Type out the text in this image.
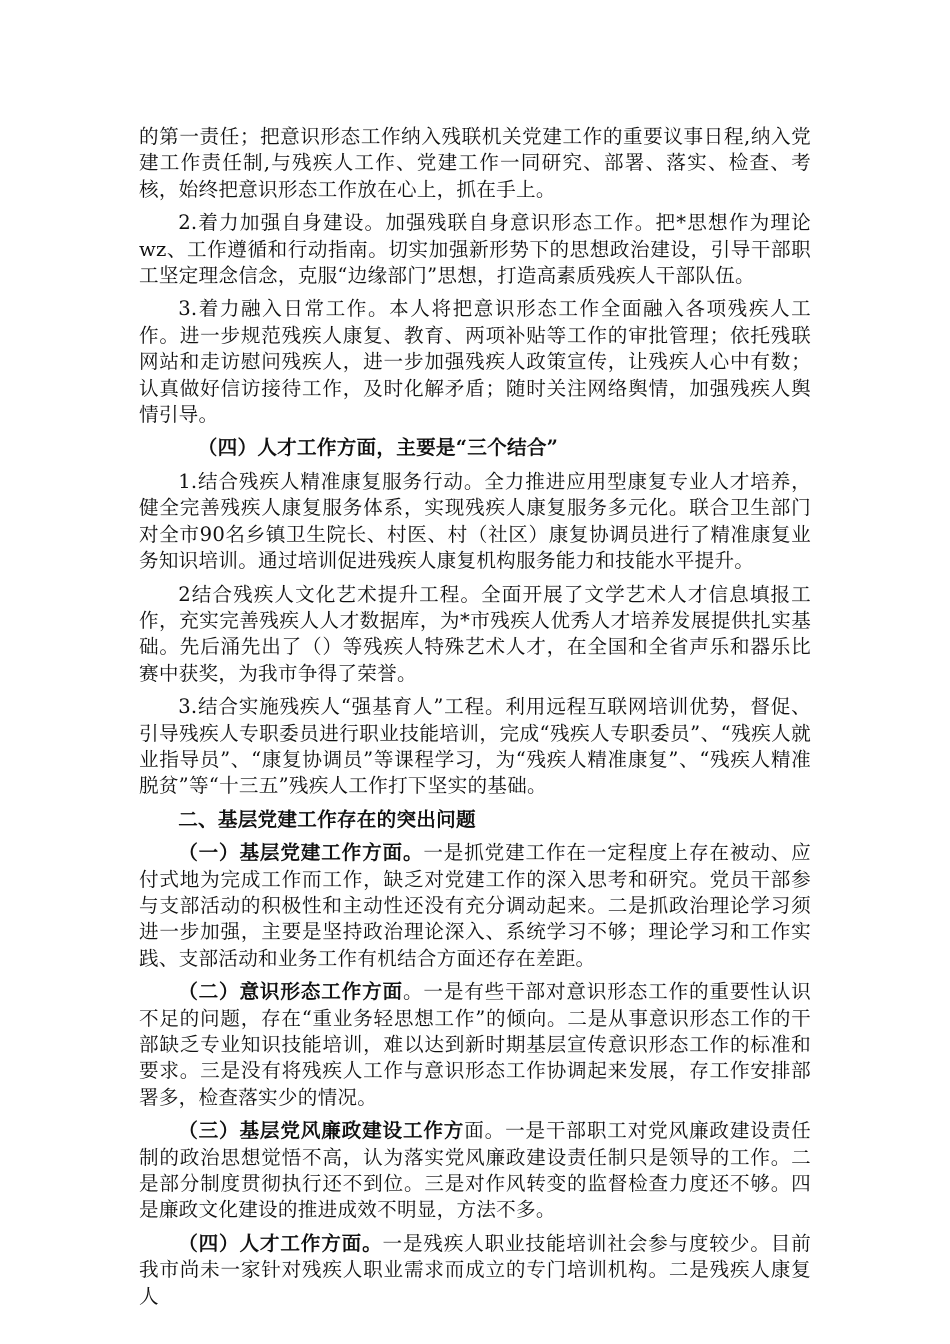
的第一责任；把意识形态工作纳入残联机关党建工作的重要议事日程,纳入党建工作责任制,与残疾人工作、党建工作一同研究、部署、落实、检查、考核，始终把意识形态工作放在心上，抓在手上。

2.着力加强自身建设。加强残联自身意识形态工作。把*思想作为理论wz、工作遵循和行动指南。切实加强新形势下的思想政治建设，引导干部职工坚定理念信念，克服“边缘部门”思想，打造高素质残疾人干部队伍。

3.着力融入日常工作。本人将把意识形态工作全面融入各项残疾人工作。进一步规范残疾人康复、教育、两项补贴等工作的审批管理；依托残联网站和走访慰问残疾人，进一步加强残疾人政策宣传，让残疾人心中有数；认真做好信访接待工作，及时化解矛盾；随时关注网络舆情，加强残疾人舆情引导。

（四）人才工作方面，主要是“三个结合”

1.结合残疾人精准康复服务行动。全力推进应用型康复专业人才培养，健全完善残疾人康复服务体系，实现残疾人康复服务多元化。联合卫生部门对全市90名乡镇卫生院长、村医、村（社区）康复协调员进行了精准康复业务知识培训。通过培训促进残疾人康复机构服务能力和技能水平提升。

2结合残疾人文化艺术提升工程。全面开展了文学艺术人才信息填报工作，充实完善残疾人人才数据库，为*市残疾人优秀人才培养发展提供扎实基础。先后涌先出了（）等残疾人特殊艺术人才，在全国和全省声乐和器乐比赛中获奖，为我市争得了荣誉。

3.结合实施残疾人“强基育人”工程。利用远程互联网培训优势，督促、引导残疾人专职委员进行职业技能培训，完成“残疾人专职委员”、“残疾人就业指导员”、“康复协调员”等课程学习，为“残疾人精准康复”、“残疾人精准脱贫”等“十三五”残疾人工作打下坚实的基础。

二、基层党建工作存在的突出问题

（一）基层党建工作方面。一是抓党建工作在一定程度上存在被动、应付式地为完成工作而工作，缺乏对党建工作的深入思考和研究。党员干部参与支部活动的积极性和主动性还没有充分调动起来。二是抓政治理论学习须进一步加强，主要是坚持政治理论深入、系统学习不够；理论学习和工作实践、支部活动和业务工作有机结合方面还存在差距。

（二）意识形态工作方面。一是有些干部对意识形态工作的重要性认识不足的问题，存在“重业务轻思想工作”的倾向。二是从事意识形态工作的干部缺乏专业知识技能培训，难以达到新时期基层宣传意识形态工作的标准和要求。三是没有将残疾人工作与意识形态工作协调起来发展，存工作安排部署多，检查落实少的情况。

（三）基层党风廉政建设工作方面。一是干部职工对党风廉政建设责任制的政治思想觉悟不高，认为落实党风廉政建设责任制只是领导的工作。二是部分制度贯彻执行还不到位。三是对作风转变的监督检查力度还不够。四是廉政文化建设的推进成效不明显，方法不多。

（四）人才工作方面。一是残疾人职业技能培训社会参与度较少。目前我市尚未一家针对残疾人职业需求而成立的专门培训机构。二是残疾人康复人
